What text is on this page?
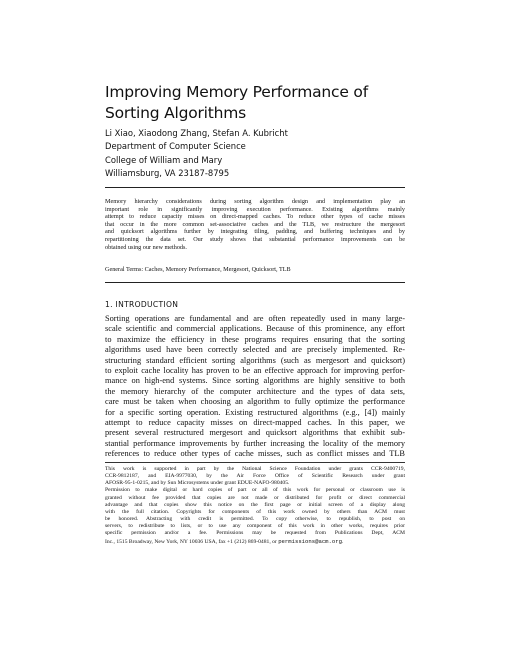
Improving Memory Performance of Sorting Algorithms
Li Xiao, Xiaodong Zhang, Stefan A. Kubricht
Department of Computer Science
College of William and Mary
Williamsburg, VA 23187-8795
Memory hierarchy considerations during sorting algorithm design and implementation play an
important role in significantly improving execution performance. Existing algorithms mainly
attempt to reduce capacity misses on direct-mapped caches. To reduce other types of cache misses
that occur in the more common set-associative caches and the TLB, we restructure the mergesort
and quicksort algorithms further by integrating tiling, padding, and buffering techniques and by
repartitioning the data set. Our study shows that substantial performance improvements can be
obtained using our new methods.
General Terms: Caches, Memory Performance, Mergesort, Quicksort, TLB
1. INTRODUCTION
Sorting operations are fundamental and are often repeatedly used in many large-
scale scientific and commercial applications. Because of this prominence, any effort
to maximize the efficiency in these programs requires ensuring that the sorting
algorithms used have been correctly selected and are precisely implemented. Re-
structuring standard efficient sorting algorithms (such as mergesort and quicksort)
to exploit cache locality has proven to be an effective approach for improving perfor-
mance on high-end systems. Since sorting algorithms are highly sensitive to both
the memory hierarchy of the computer architecture and the types of data sets,
care must be taken when choosing an algorithm to fully optimize the performance
for a specific sorting operation. Existing restructured algorithms (e.g., [4]) mainly
attempt to reduce capacity misses on direct-mapped caches. In this paper, we
present several restructured mergesort and quicksort algorithms that exhibit sub-
stantial performance improvements by further increasing the locality of the memory
references to reduce other types of cache misses, such as conflict misses and TLB
This work is supported in part by the National Science Foundation under grants CCR-9400719,
CCR-9812187, and EIA-9977030, by the Air Force Office of Scientific Research under grant
AFOSR-95-1-0215, and by Sun Microsystems under grant EDUE-NAFO-980405.
Permission to make digital or hard copies of part or all of this work for personal or classroom use is
granted without fee provided that copies are not made or distributed for profit or direct commercial
advantage and that copies show this notice on the first page or initial screen of a display along
with the full citation. Copyrights for components of this work owned by others than ACM must
be honored. Abstracting with credit is permitted. To copy otherwise, to republish, to post on
servers, to redistribute to lists, or to use any component of this work in other works, requires prior
specific permission and/or a fee. Permissions may be requested from Publications Dept, ACM
Inc., 1515 Broadway, New York, NY 10036 USA, fax +1 (212) 869-0481, or permissions@acm.org.
